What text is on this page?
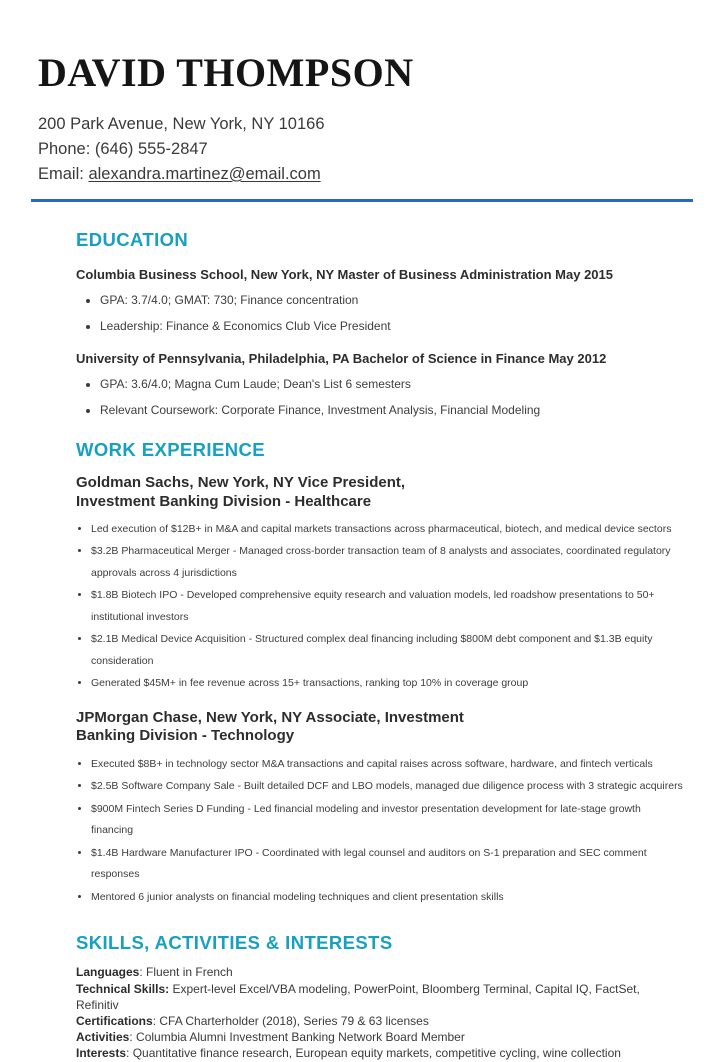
DAVID THOMPSON

200 Park Avenue, New York, NY 10166
Phone: (646) 555-2847
Email: alexandra.martinez@email.com

EDUCATION
Columbia Business School, New York, NY Master of Business Administration May 2015
• GPA: 3.7/4.0; GMAT: 730; Finance concentration
• Leadership: Finance & Economics Club Vice President
University of Pennsylvania, Philadelphia, PA Bachelor of Science in Finance May 2012
• GPA: 3.6/4.0; Magna Cum Laude; Dean's List 6 semesters
• Relevant Coursework: Corporate Finance, Investment Analysis, Financial Modeling
WORK EXPERIENCE
Goldman Sachs, New York, NY Vice President,
Investment Banking Division - Healthcare
• Led execution of $12B+ in M&A and capital markets transactions across pharmaceutical, biotech, and medical device sectors
• $3.2B Pharmaceutical Merger - Managed cross-border transaction team of 8 analysts and associates, coordinated regulatory approvals across 4 jurisdictions
• $1.8B Biotech IPO - Developed comprehensive equity research and valuation models, led roadshow presentations to 50+ institutional investors
• $2.1B Medical Device Acquisition - Structured complex deal financing including $800M debt component and $1.3B equity consideration
• Generated $45M+ in fee revenue across 15+ transactions, ranking top 10% in coverage group
JPMorgan Chase, New York, NY Associate, Investment
Banking Division - Technology
• Executed $8B+ in technology sector M&A transactions and capital raises across software, hardware, and fintech verticals
• $2.5B Software Company Sale - Built detailed DCF and LBO models, managed due diligence process with 3 strategic acquirers
• $900M Fintech Series D Funding - Led financial modeling and investor presentation development for late-stage growth financing
• $1.4B Hardware Manufacturer IPO - Coordinated with legal counsel and auditors on S-1 preparation and SEC comment responses
• Mentored 6 junior analysts on financial modeling techniques and client presentation skills
SKILLS, ACTIVITIES & INTERESTS
Languages: Fluent in French
Technical Skills: Expert-level Excel/VBA modeling, PowerPoint, Bloomberg Terminal, Capital IQ, FactSet, Refinitiv
Certifications: CFA Charterholder (2018), Series 79 & 63 licenses
Activities: Columbia Alumni Investment Banking Network Board Member
Interests: Quantitative finance research, European equity markets, competitive cycling, wine collection
